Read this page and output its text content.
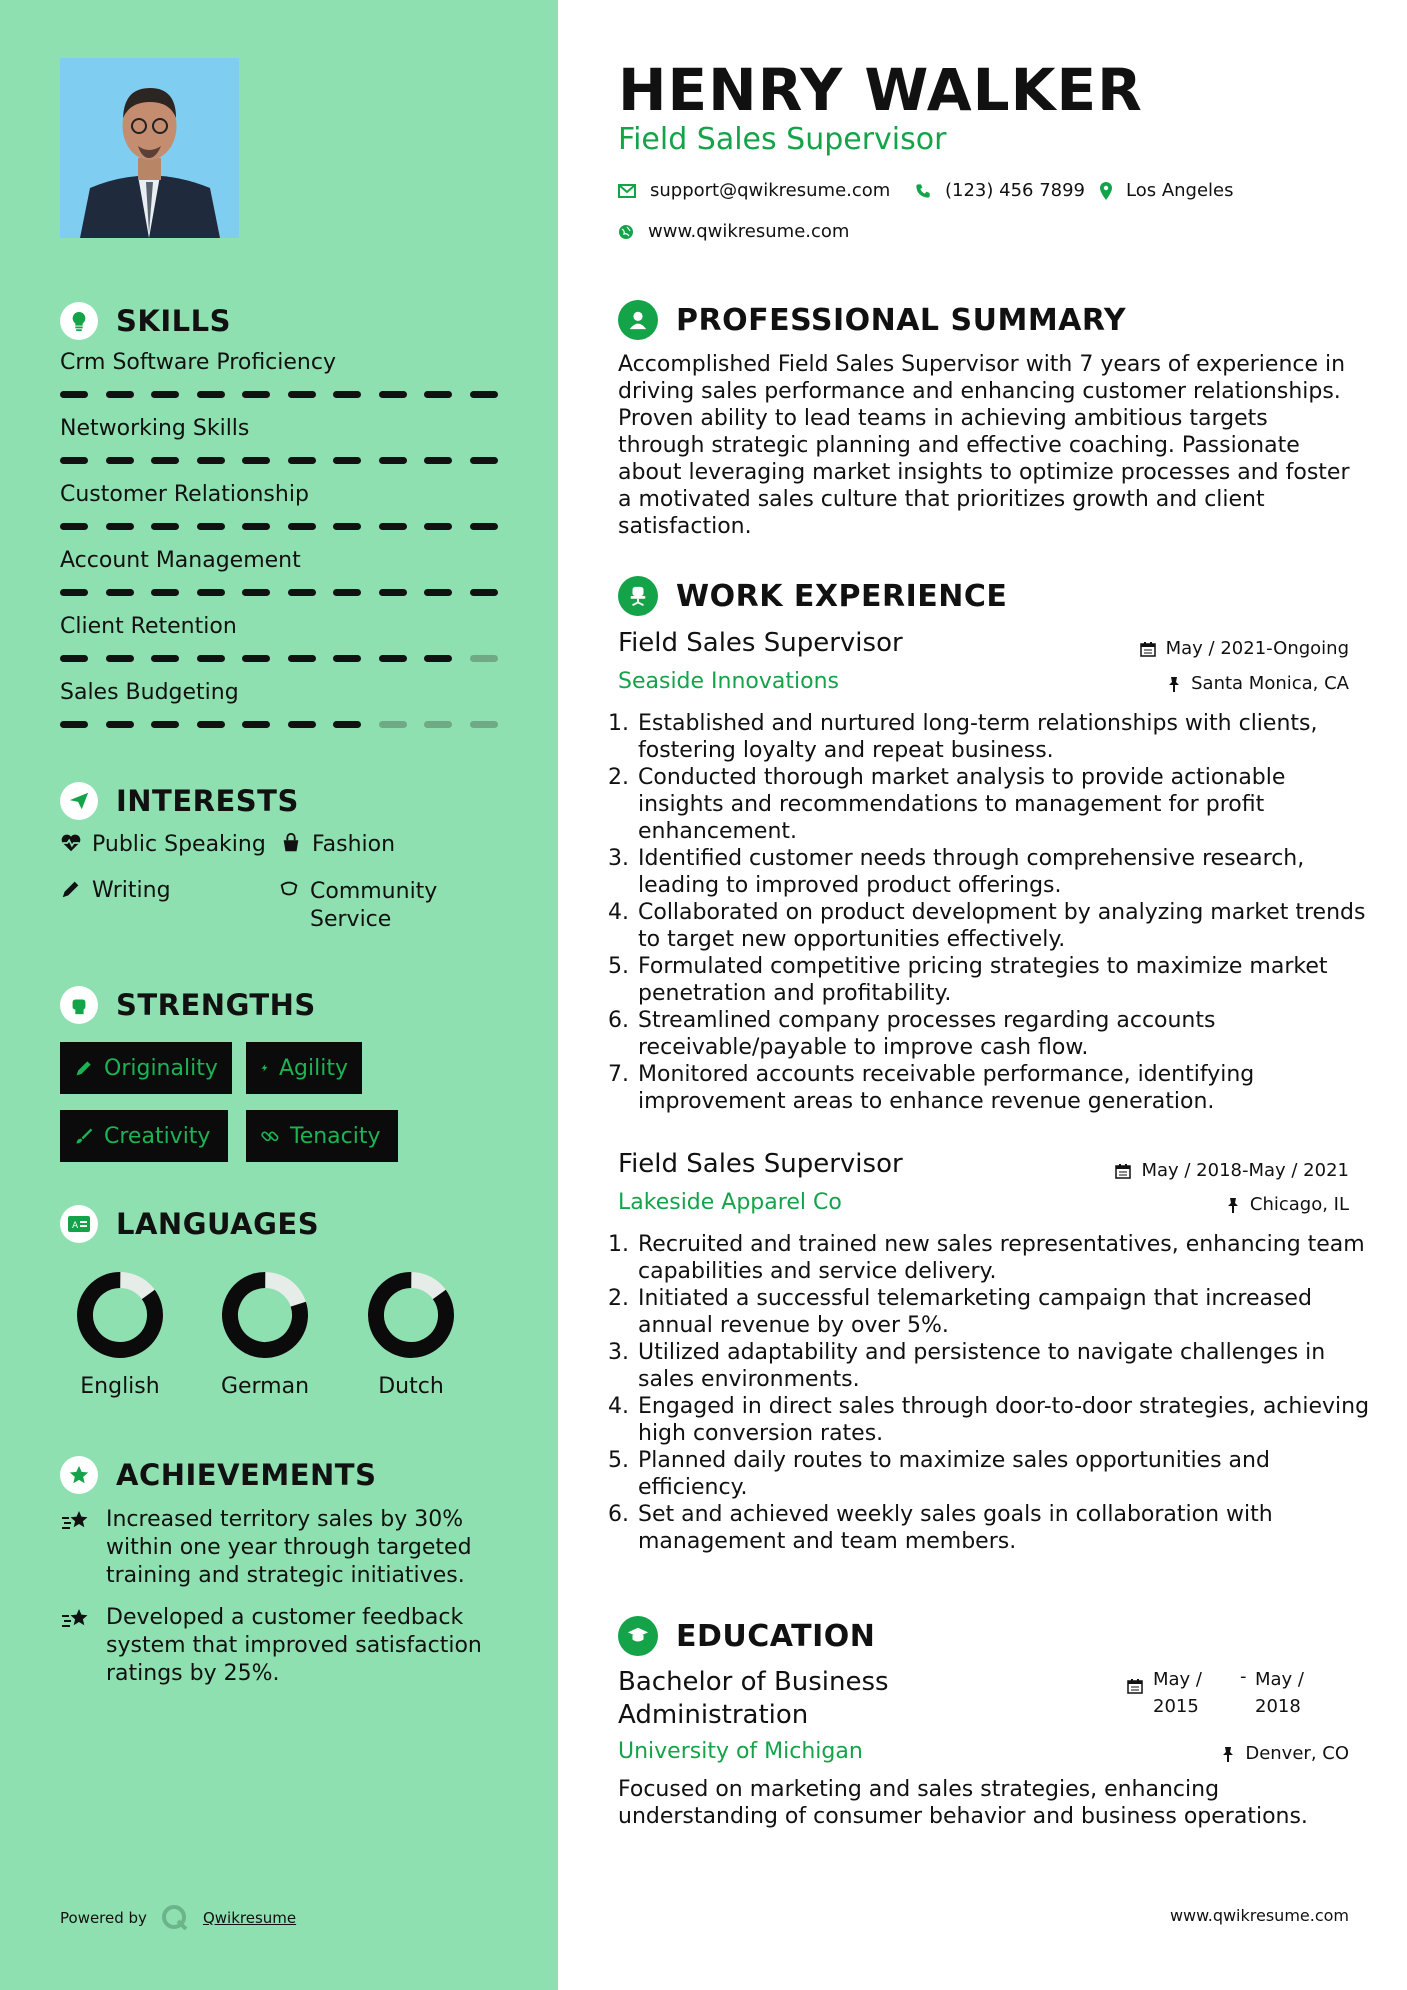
SKILLS
Crm Software Proficiency
Networking Skills
Customer Relationship
Account Management
Client Retention
Sales Budgeting
INTERESTS
Public Speaking Fashion
Writing	Community Service
STRENGTHS
Originality	Agility
Creativity	Tenacity
A LANGUAGES
English	German	Dutch
ACHIEVEMENTS
Increased territory sales by 30% within one year through targeted training and strategic initiatives.
Developed a customer feedback system that improved satisfaction ratings by 25%.
Powered by	Qwikresume
HENRY WALKER
Field Sales Supervisor
support@qwikresume.com	(123) 456 7899 Los Angeles
www.qwikresume.com
PROFESSIONAL SUMMARY
Accomplished Field Sales Supervisor with 7 years of experience in driving sales performance and enhancing customer relationships. Proven ability to lead teams in achieving ambitious targets through strategic planning and effective coaching. Passionate about leveraging market insights to optimize processes and foster a motivated sales culture that prioritizes growth and client satisfaction.
WORK EXPERIENCE
Field Sales Supervisor	May / 2021-Ongoing
Seaside Innovations	Santa Monica, CA
1. Established and nurtured long-term relationships with clients, fostering loyalty and repeat business.
2. Conducted thorough market analysis to provide actionable insights and recommendations to management for profit enhancement.
3. Identified customer needs through comprehensive research, leading to improved product offerings.
4. Collaborated on product development by analyzing market trends to target new opportunities effectively.
5. Formulated competitive pricing strategies to maximize market penetration and profitability.
6. Streamlined company processes regarding accounts receivable/payable to improve cash flow.
7. Monitored accounts receivable performance, identifying improvement areas to enhance revenue generation.
Field Sales Supervisor	May / 2018-May / 2021
Lakeside Apparel Co	Chicago, IL
1. Recruited and trained new sales representatives, enhancing team capabilities and service delivery.
2. Initiated a successful telemarketing campaign that increased annual revenue by over 5%.
3. Utilized adaptability and persistence to navigate challenges in sales environments.
4. Engaged in direct sales through door-to-door strategies, achieving high conversion rates.
5. Planned daily routes to maximize sales opportunities and efficiency.
6. Set and achieved weekly sales goals in collaboration with management and team members.
EDUCATION
Bachelor of Business Administration
May / 2015
- May / 2018
University of Michigan	Denver, CO
Focused on marketing and sales strategies, enhancing understanding of consumer behavior and business operations.
www.qwikresume.com
